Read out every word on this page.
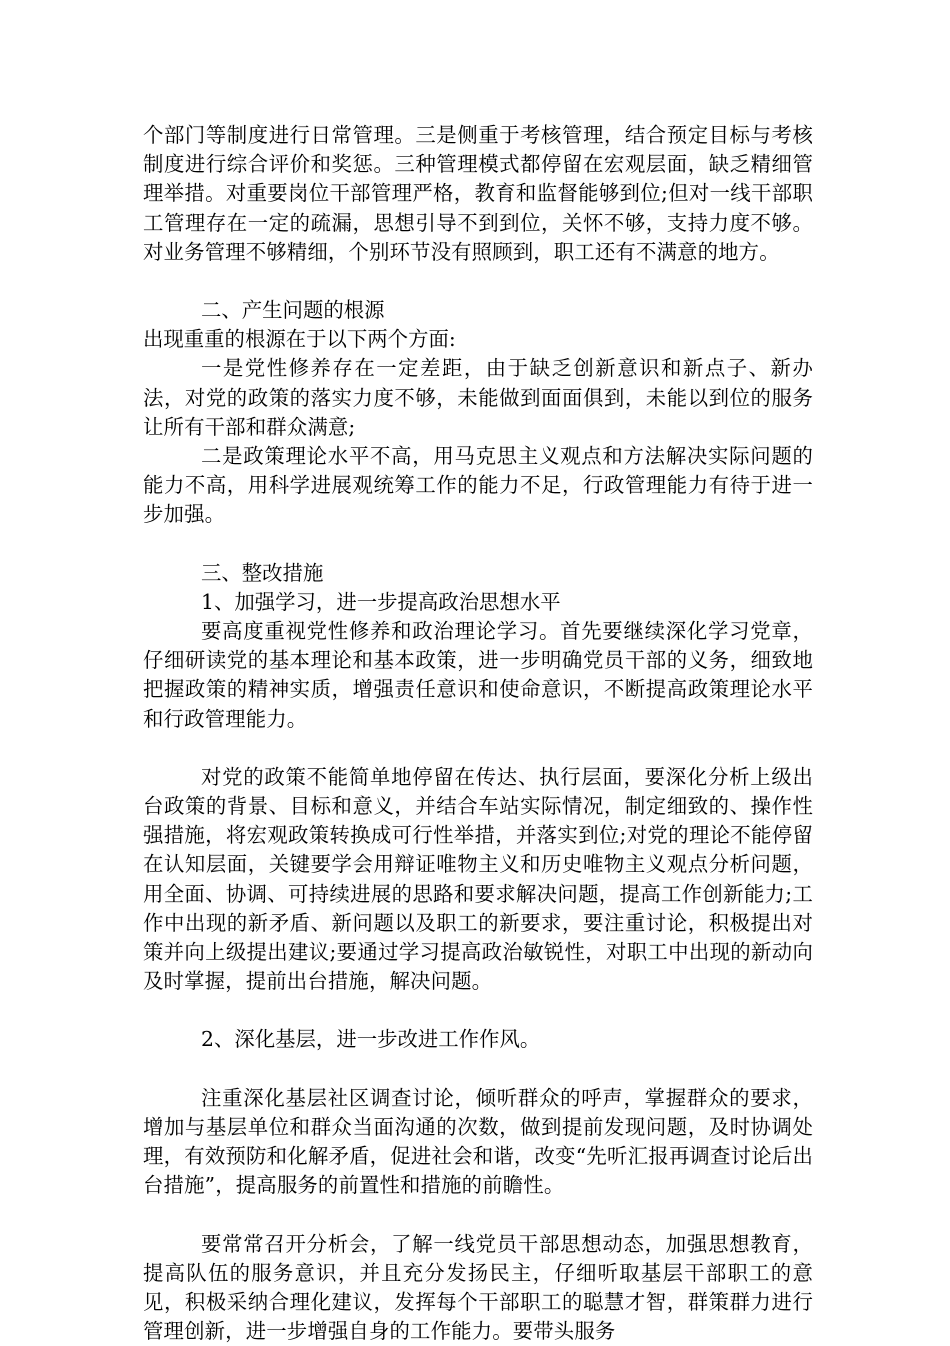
个部门等制度进行日常管理。三是侧重于考核管理，结合预定目标与考核制度进行综合评价和奖惩。三种管理模式都停留在宏观层面，缺乏精细管理举措。对重要岗位干部管理严格，教育和监督能够到位;但对一线干部职工管理存在一定的疏漏，思想引导不到到位，关怀不够，支持力度不够。对业务管理不够精细，个别环节没有照顾到，职工还有不满意的地方。

二、产生问题的根源
出现重重的根源在于以下两个方面:

一是党性修养存在一定差距，由于缺乏创新意识和新点子、新办法，对党的政策的落实力度不够，未能做到面面俱到，未能以到位的服务让所有干部和群众满意;

二是政策理论水平不高，用马克思主义观点和方法解决实际问题的能力不高，用科学进展观统筹工作的能力不足，行政管理能力有待于进一步加强。

三、整改措施
1、加强学习，进一步提高政治思想水平

要高度重视党性修养和政治理论学习。首先要继续深化学习党章，仔细研读党的基本理论和基本政策，进一步明确党员干部的义务，细致地把握政策的精神实质，增强责任意识和使命意识，不断提高政策理论水平和行政管理能力。

对党的政策不能简单地停留在传达、执行层面，要深化分析上级出台政策的背景、目标和意义，并结合车站实际情况，制定细致的、操作性强措施，将宏观政策转换成可行性举措，并落实到位;对党的理论不能停留在认知层面，关键要学会用辩证唯物主义和历史唯物主义观点分析问题，用全面、协调、可持续进展的思路和要求解决问题，提高工作创新能力;工作中出现的新矛盾、新问题以及职工的新要求，要注重讨论，积极提出对策并向上级提出建议;要通过学习提高政治敏锐性，对职工中出现的新动向及时掌握，提前出台措施，解决问题。

2、深化基层，进一步改进工作作风。

注重深化基层社区调查讨论，倾听群众的呼声，掌握群众的要求，增加与基层单位和群众当面沟通的次数，做到提前发现问题，及时协调处理，有效预防和化解矛盾，促进社会和谐，改变“先听汇报再调查讨论后出台措施”，提高服务的前置性和措施的前瞻性。

要常常召开分析会，了解一线党员干部思想动态，加强思想教育，提高队伍的服务意识，并且充分发扬民主，仔细听取基层干部职工的意见，积极采纳合理化建议，发挥每个干部职工的聪慧才智，群策群力进行管理创新，进一步增强自身的工作能力。要带头服务
